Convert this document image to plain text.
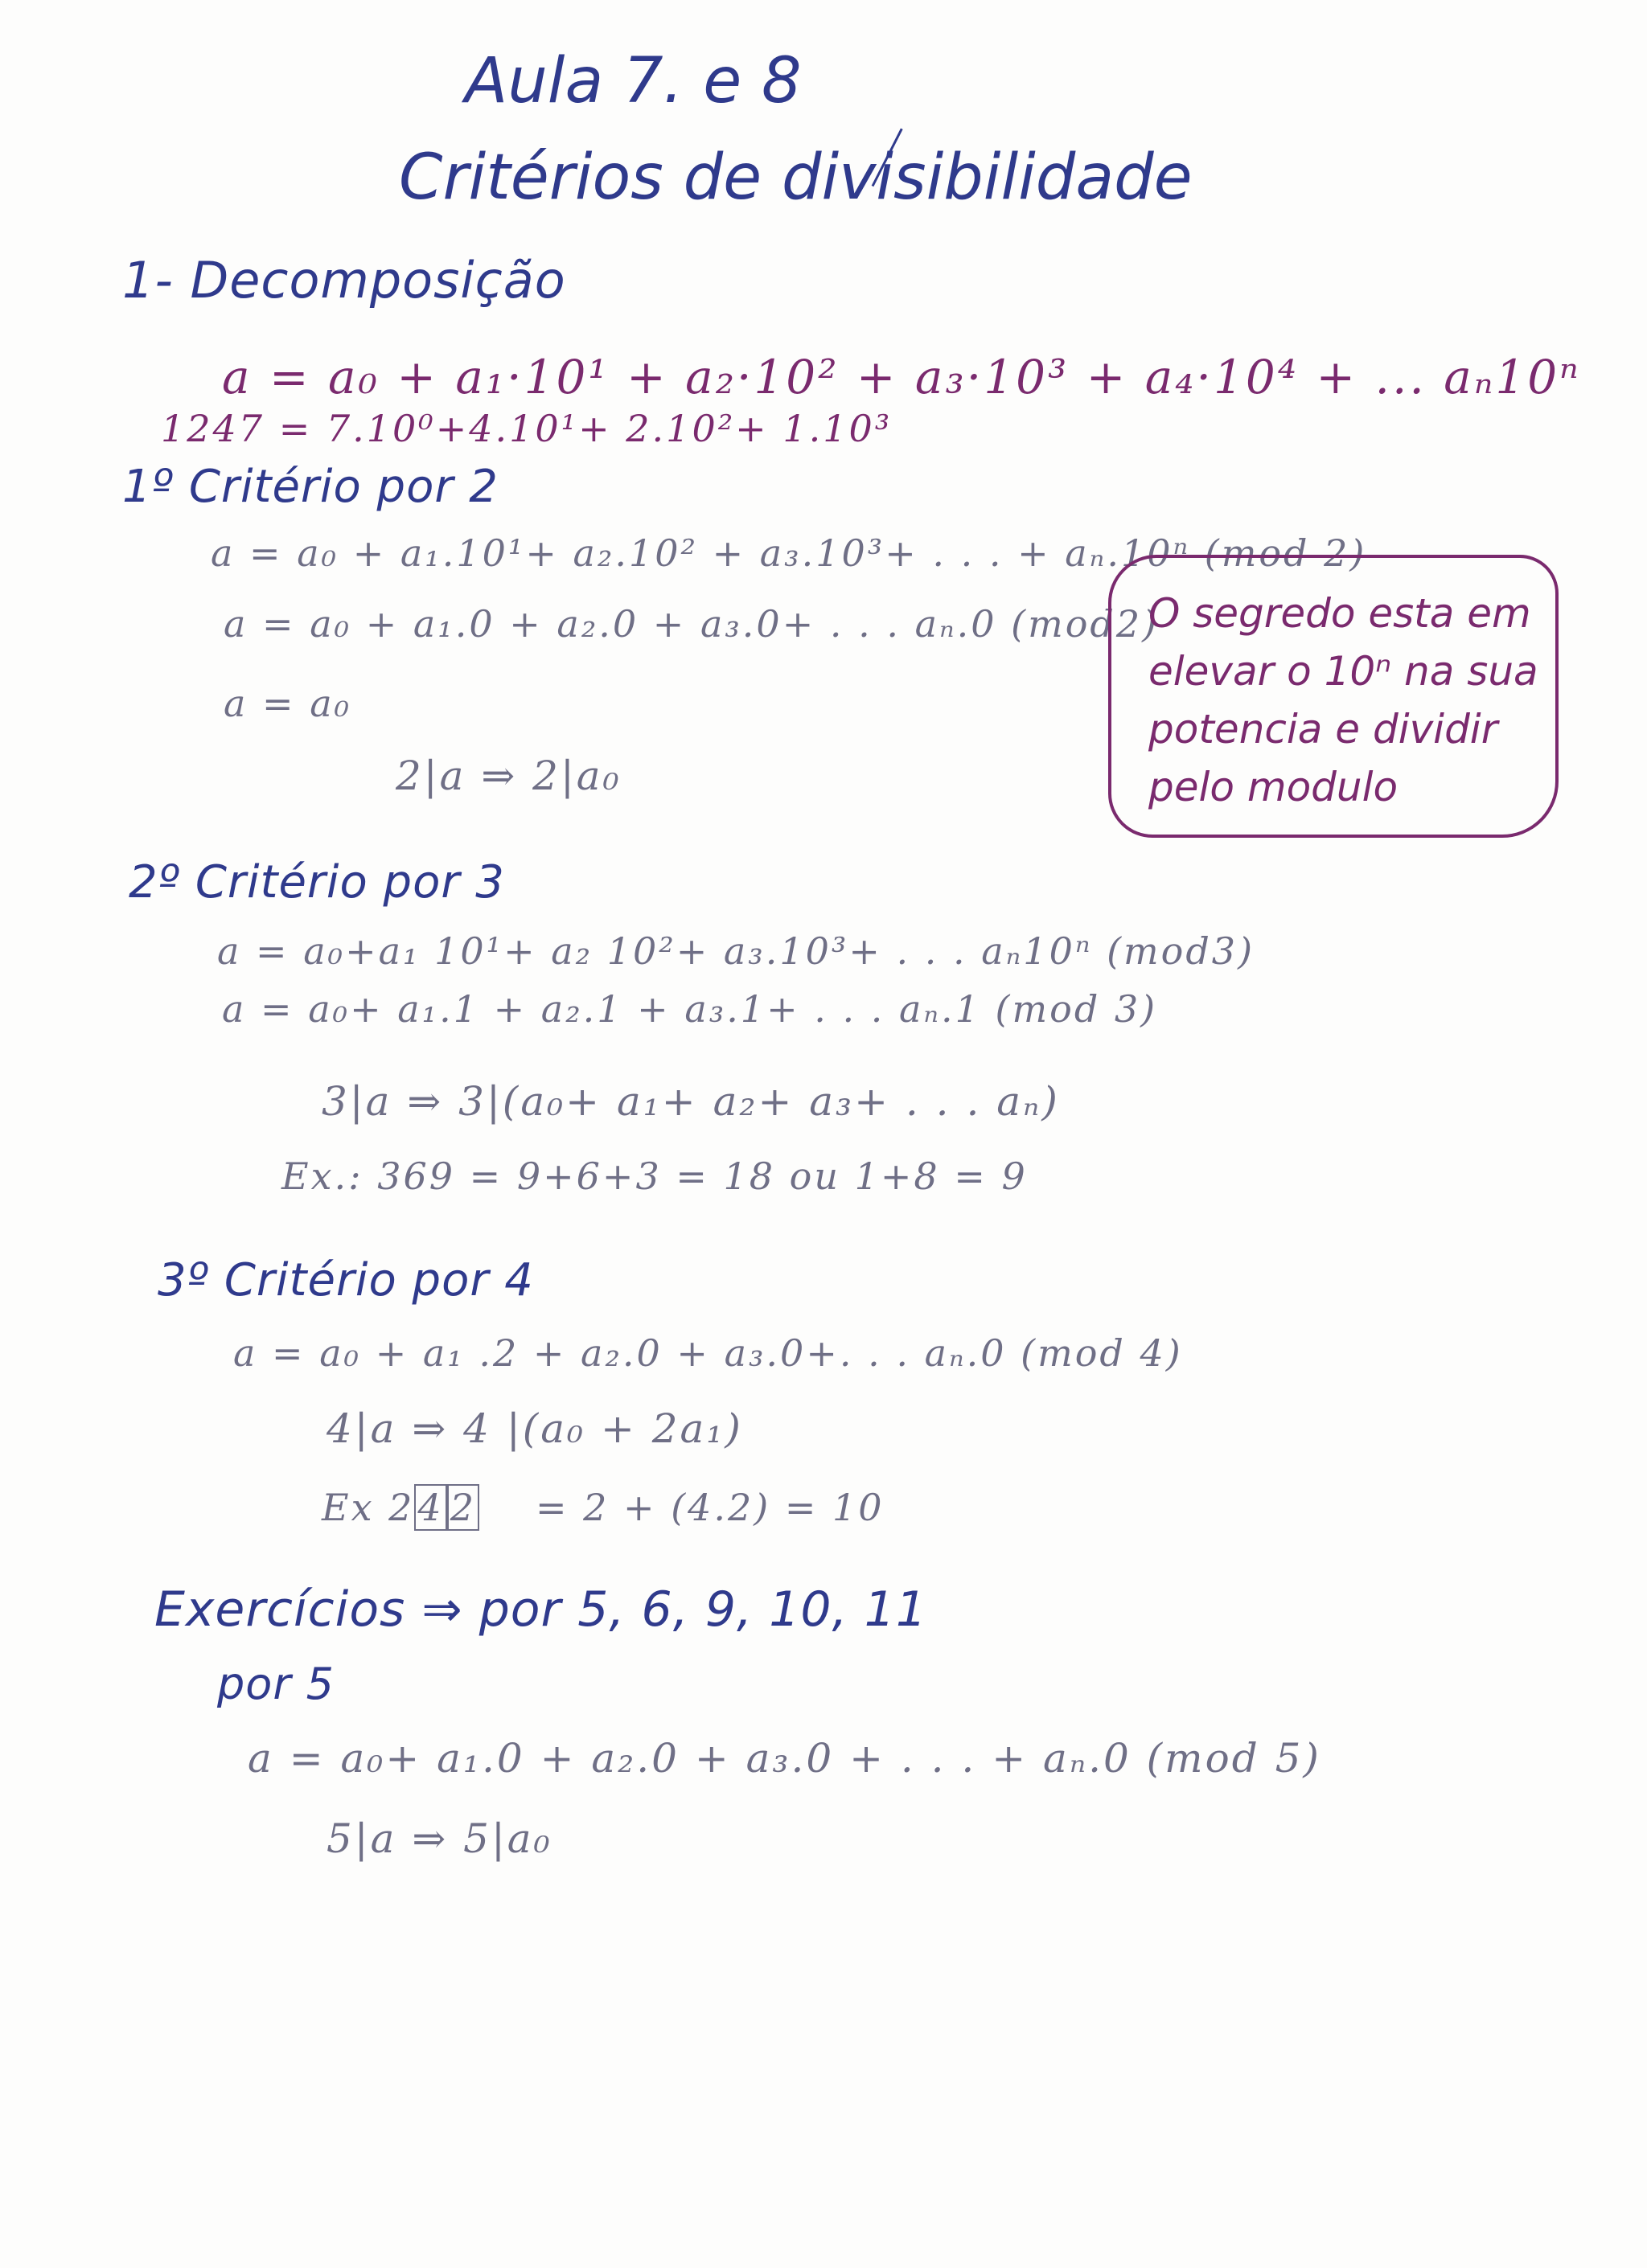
Aula 7. e 8
Critérios de divisibilidade
1- Decomposição
a = a₀ + a₁·10¹ + a₂·10² + a₃·10³ + a₄·10⁴ + ... aₙ10ⁿ
1247 = 7.10⁰+4.10¹+ 2.10²+ 1.10³
1º Critério por 2
a = a₀ + a₁.10¹+ a₂.10² + a₃.10³+ . . . + aₙ.10ⁿ (mod 2)
a = a₀ + a₁.0 + a₂.0 + a₃.0+ . . . aₙ.0 (mod2)
a = a₀
2|a ⇒ 2|a₀
O segredo esta em
elevar o 10ⁿ na sua
potencia e dividir
pelo modulo
2º Critério por 3
a = a₀+a₁ 10¹+ a₂ 10²+ a₃.10³+ . . . aₙ10ⁿ (mod3)
a = a₀+ a₁.1 + a₂.1 + a₃.1+ . . . aₙ.1 (mod 3)
3|a ⇒ 3|(a₀+ a₁+ a₂+ a₃+ . . . aₙ)
Ex.: 369 = 9+6+3 = 18 ou 1+8 = 9
3º Critério por 4
a = a₀ + a₁ .2 + a₂.0 + a₃.0+. . . aₙ.0 (mod 4)
4|a ⇒ 4 |(a₀ + 2a₁)
Ex 24 2 = 2 + (4.2) = 10
Exercícios ⇒ por 5, 6, 9, 10, 11
por 5
a = a₀+ a₁.0 + a₂.0 + a₃.0 + . . . + aₙ.0 (mod 5)
5|a ⇒ 5|a₀
